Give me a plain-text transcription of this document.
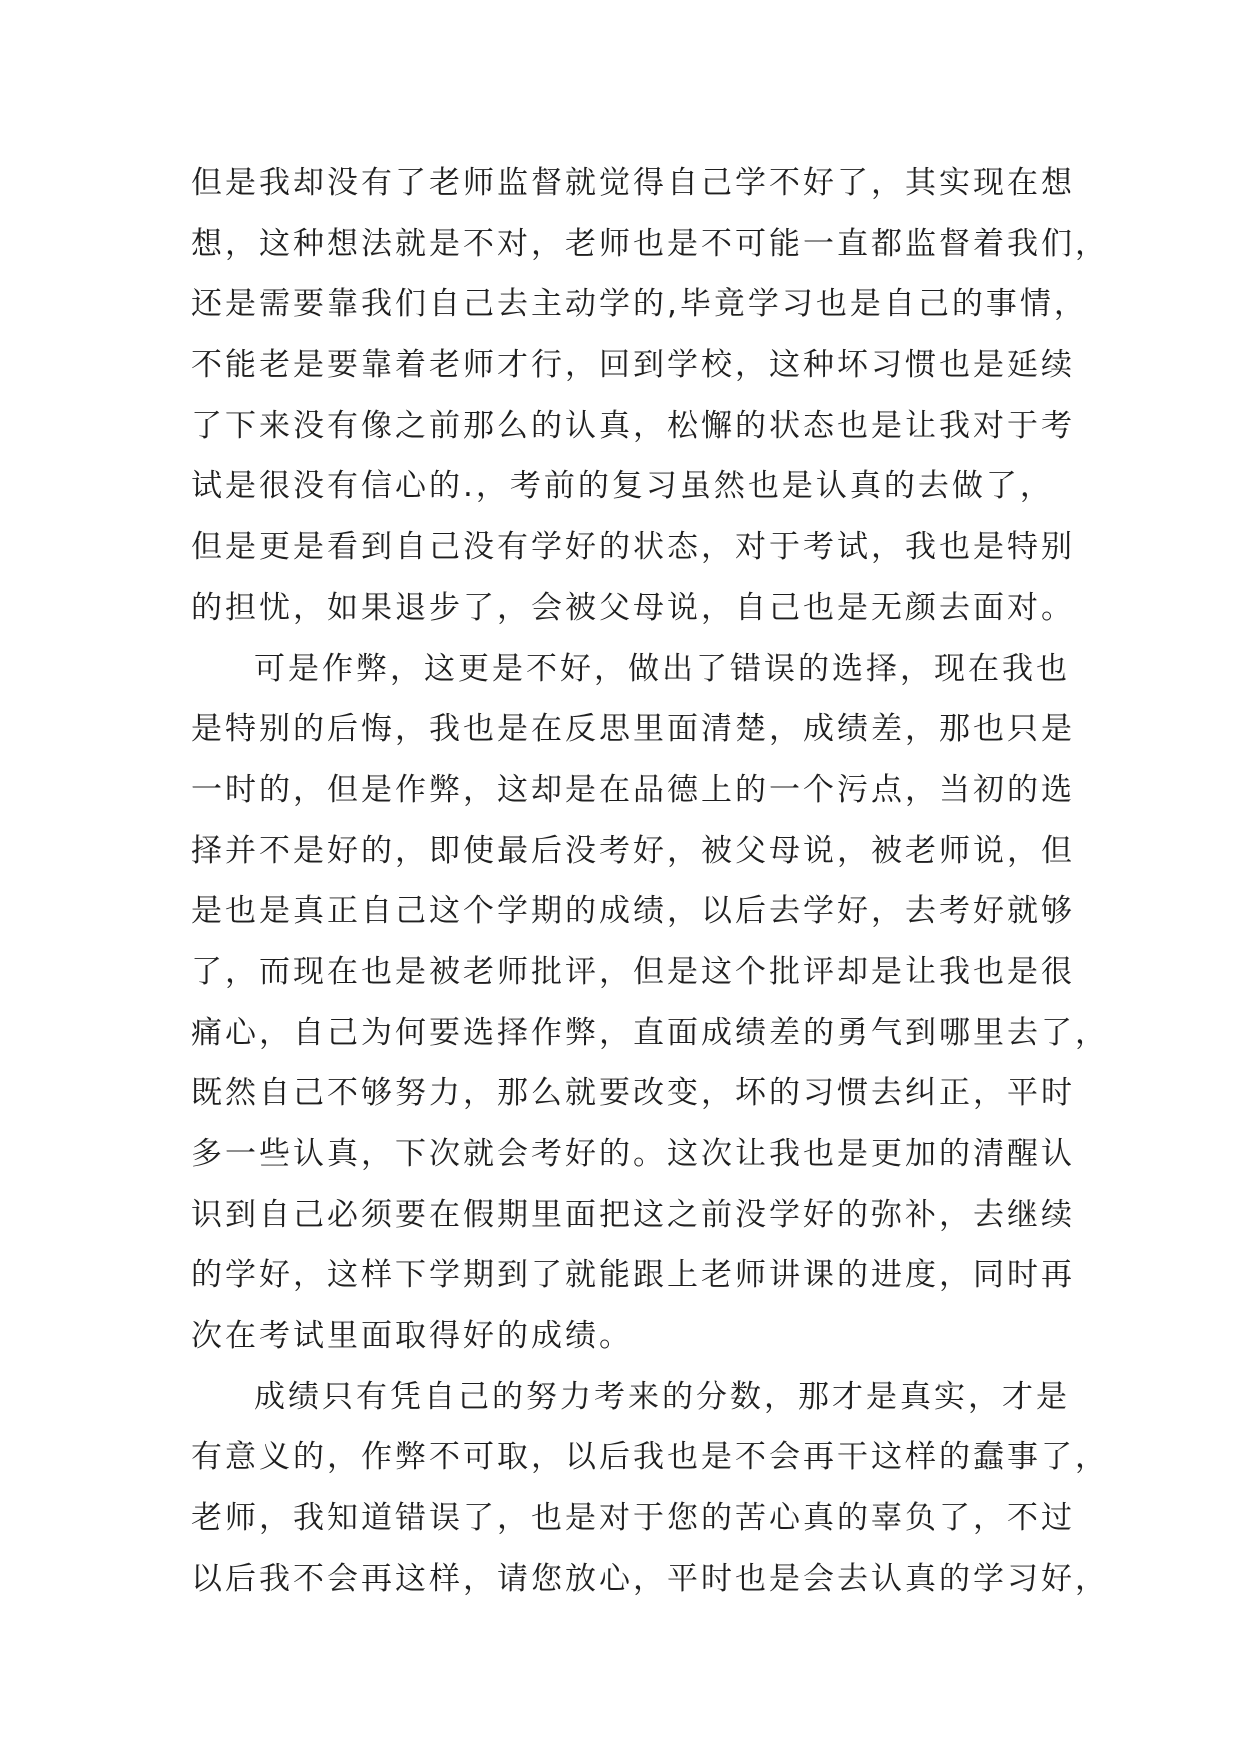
但是我却没有了老师监督就觉得自己学不好了，其实现在想
想，这种想法就是不对，老师也是不可能一直都监督着我们，
还是需要靠我们自己去主动学的,毕竟学习也是自己的事情，
不能老是要靠着老师才行，回到学校，这种坏习惯也是延续
了下来没有像之前那么的认真，松懈的状态也是让我对于考
试是很没有信心的.，考前的复习虽然也是认真的去做了，
但是更是看到自己没有学好的状态，对于考试，我也是特别
的担忧，如果退步了，会被父母说，自己也是无颜去面对。
可是作弊，这更是不好，做出了错误的选择，现在我也
是特别的后悔，我也是在反思里面清楚，成绩差，那也只是
一时的，但是作弊，这却是在品德上的一个污点，当初的选
择并不是好的，即使最后没考好，被父母说，被老师说，但
是也是真正自己这个学期的成绩，以后去学好，去考好就够
了，而现在也是被老师批评，但是这个批评却是让我也是很
痛心，自己为何要选择作弊，直面成绩差的勇气到哪里去了，
既然自己不够努力，那么就要改变，坏的习惯去纠正，平时
多一些认真，下次就会考好的。这次让我也是更加的清醒认
识到自己必须要在假期里面把这之前没学好的弥补，去继续
的学好，这样下学期到了就能跟上老师讲课的进度，同时再
次在考试里面取得好的成绩。
成绩只有凭自己的努力考来的分数，那才是真实，才是
有意义的，作弊不可取，以后我也是不会再干这样的蠢事了，
老师，我知道错误了，也是对于您的苦心真的辜负了，不过
以后我不会再这样，请您放心，平时也是会去认真的学习好，
